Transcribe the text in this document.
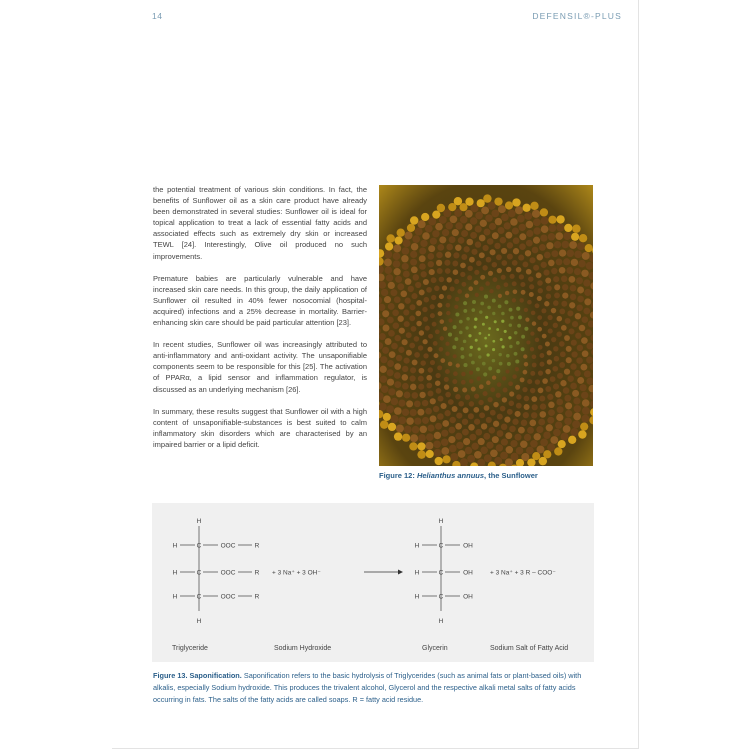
14	DEFENSIL®-PLUS

the potential treatment of various skin conditions. In fact, the benefits of Sunflower oil as a skin care product have already been demonstrated in several studies: Sunflower oil is ideal for topical application to treat a lack of essential fatty acids and associated effects such as extremely dry skin or increased TEWL [24]. Interestingly, Olive oil produced no such improvements.

Premature babies are particularly vulnerable and have increased skin care needs. In this group, the daily application of Sunflower oil resulted in 40% fewer nosocomial (hospital-acquired) infections and a 25% decrease in mortality. Barrier-enhancing skin care should be paid particular attention [23].

In recent studies, Sunflower oil was increasingly attributed to anti-inflammatory and anti-oxidant activity. The unsaponifiable components seem to be responsible for this [25]. The activation of PPARα, a lipid sensor and inflammation regulator, is discussed as an underlying mechanism [26].

In summary, these results suggest that Sunflower oil with a high content of unsaponifiable-substances is best suited to calm inflammatory skin disorders which are characterised by an impaired barrier or a lipid deficit.

Figure 12: Helianthus annuus, the Sunflower
H
H	C	OOC	R
H	C	OOC	R
H	C	OOC	R
H
+ 3 Na⁺ + 3 OH⁻
H
H	C	OH
H	C	OH
H	C	OH
H
+ 3 Na⁺ + 3 R – COO⁻
Triglyceride	Sodium Hydroxide	Glycerin	Sodium Salt of Fatty Acid
Figure 13. Saponification. Saponification refers to the basic hydrolysis of Triglycerides (such as animal fats or plant-based oils) with alkalis, especially Sodium hydroxide. This produces the trivalent alcohol, Glycerol and the respective alkali metal salts of fatty acids occurring in fats. The salts of the fatty acids are called soaps. R = fatty acid residue.
